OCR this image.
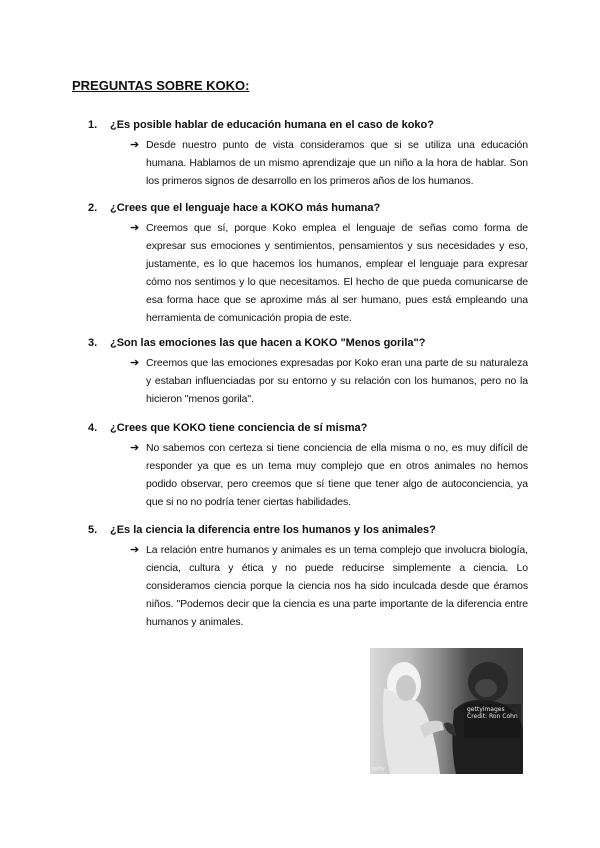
PREGUNTAS SOBRE KOKO:
1.	¿Es posible hablar de educación humana en el caso de koko?
➔ Desde nuestro punto de vista consideramos que si se utiliza una educación humana. Hablamos de un mismo aprendizaje que un niño a la hora de hablar. Son los primeros signos de desarrollo en los primeros años de los humanos.
2.	¿Crees que el lenguaje hace a KOKO más humana?
➔ Creemos que sí, porque Koko emplea el lenguaje de señas como forma de expresar sus emociones y sentimientos, pensamientos y sus necesidades y eso, justamente, es lo que hacemos los humanos, emplear el lenguaje para expresar cómo nos sentimos y lo que necesitamos. El hecho de que pueda comunicarse de esa forma hace que se aproxime más al ser humano, pues está empleando una herramienta de comunicación propia de este.
3.	¿Son las emociones las que hacen a KOKO "Menos gorila"?
➔ Creemos que las emociones expresadas por Koko eran una parte de su naturaleza y estaban influenciadas por su entorno y su relación con los humanos, pero no la hicieron "menos gorila".
4.	¿Crees que KOKO tiene conciencia de sí misma?
➔ No sabemos con certeza si tiene conciencia de ella misma o no, es muy difícil de responder ya que es un tema muy complejo que en otros animales no hemos podido observar, pero creemos que sí tiene que tener algo de autoconciencia, ya que si no no podría tener ciertas habilidades.
5.	¿Es la ciencia la diferencia entre los humanos y los animales?
➔ La relación entre humanos y animales es un tema complejo que involucra biología, ciencia, cultura y ética y no puede reducirse simplemente a ciencia. Lo consideramos ciencia porque la ciencia nos ha sido inculcada desde que éramos niños. "Podemos decir que la ciencia es una parte importante de la diferencia entre humanos y animales.
gettyimages
Credit: Ron Cohn
getty
